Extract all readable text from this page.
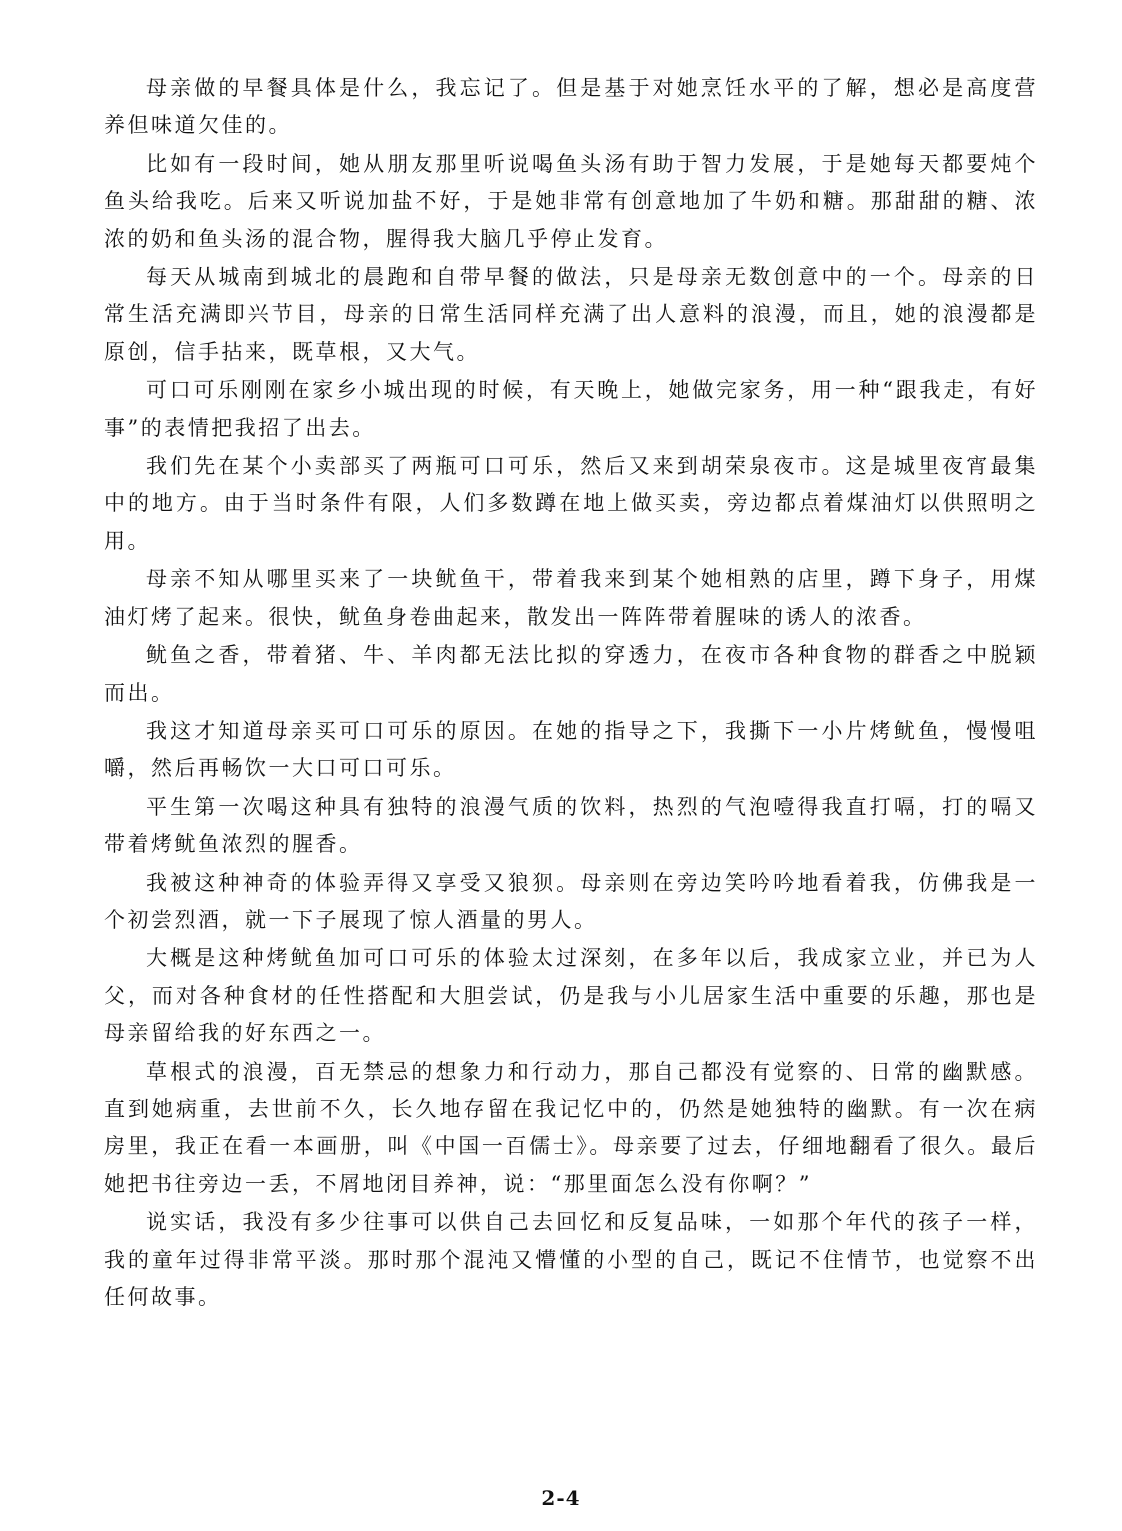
母亲做的早餐具体是什么，我忘记了。但是基于对她烹饪水平的了解，想必是高度营养但味道欠佳的。

比如有一段时间，她从朋友那里听说喝鱼头汤有助于智力发展，于是她每天都要炖个鱼头给我吃。后来又听说加盐不好，于是她非常有创意地加了牛奶和糖。那甜甜的糖、浓浓的奶和鱼头汤的混合物，腥得我大脑几乎停止发育。

每天从城南到城北的晨跑和自带早餐的做法，只是母亲无数创意中的一个。母亲的日常生活充满即兴节目，母亲的日常生活同样充满了出人意料的浪漫，而且，她的浪漫都是原创，信手拈来，既草根，又大气。

可口可乐刚刚在家乡小城出现的时候，有天晚上，她做完家务，用一种“跟我走，有好事”的表情把我招了出去。

我们先在某个小卖部买了两瓶可口可乐，然后又来到胡荣泉夜市。这是城里夜宵最集中的地方。由于当时条件有限，人们多数蹲在地上做买卖，旁边都点着煤油灯以供照明之用。

母亲不知从哪里买来了一块鱿鱼干，带着我来到某个她相熟的店里，蹲下身子，用煤油灯烤了起来。很快，鱿鱼身卷曲起来，散发出一阵阵带着腥味的诱人的浓香。

鱿鱼之香，带着猪、牛、羊肉都无法比拟的穿透力，在夜市各种食物的群香之中脱颖而出。

我这才知道母亲买可口可乐的原因。在她的指导之下，我撕下一小片烤鱿鱼，慢慢咀嚼，然后再畅饮一大口可口可乐。

平生第一次喝这种具有独特的浪漫气质的饮料，热烈的气泡噎得我直打嗝，打的嗝又带着烤鱿鱼浓烈的腥香。

我被这种神奇的体验弄得又享受又狼狈。母亲则在旁边笑吟吟地看着我，仿佛我是一个初尝烈酒，就一下子展现了惊人酒量的男人。

大概是这种烤鱿鱼加可口可乐的体验太过深刻，在多年以后，我成家立业，并已为人父，而对各种食材的任性搭配和大胆尝试，仍是我与小儿居家生活中重要的乐趣，那也是母亲留给我的好东西之一。

草根式的浪漫，百无禁忌的想象力和行动力，那自己都没有觉察的、日常的幽默感。直到她病重，去世前不久，长久地存留在我记忆中的，仍然是她独特的幽默。有一次在病房里，我正在看一本画册，叫《中国一百儒士》。母亲要了过去，仔细地翻看了很久。最后她把书往旁边一丢，不屑地闭目养神，说：“那里面怎么没有你啊？”

说实话，我没有多少往事可以供自己去回忆和反复品味，一如那个年代的孩子一样，我的童年过得非常平淡。那时那个混沌又懵懂的小型的自己，既记不住情节，也觉察不出任何故事。

2-4
